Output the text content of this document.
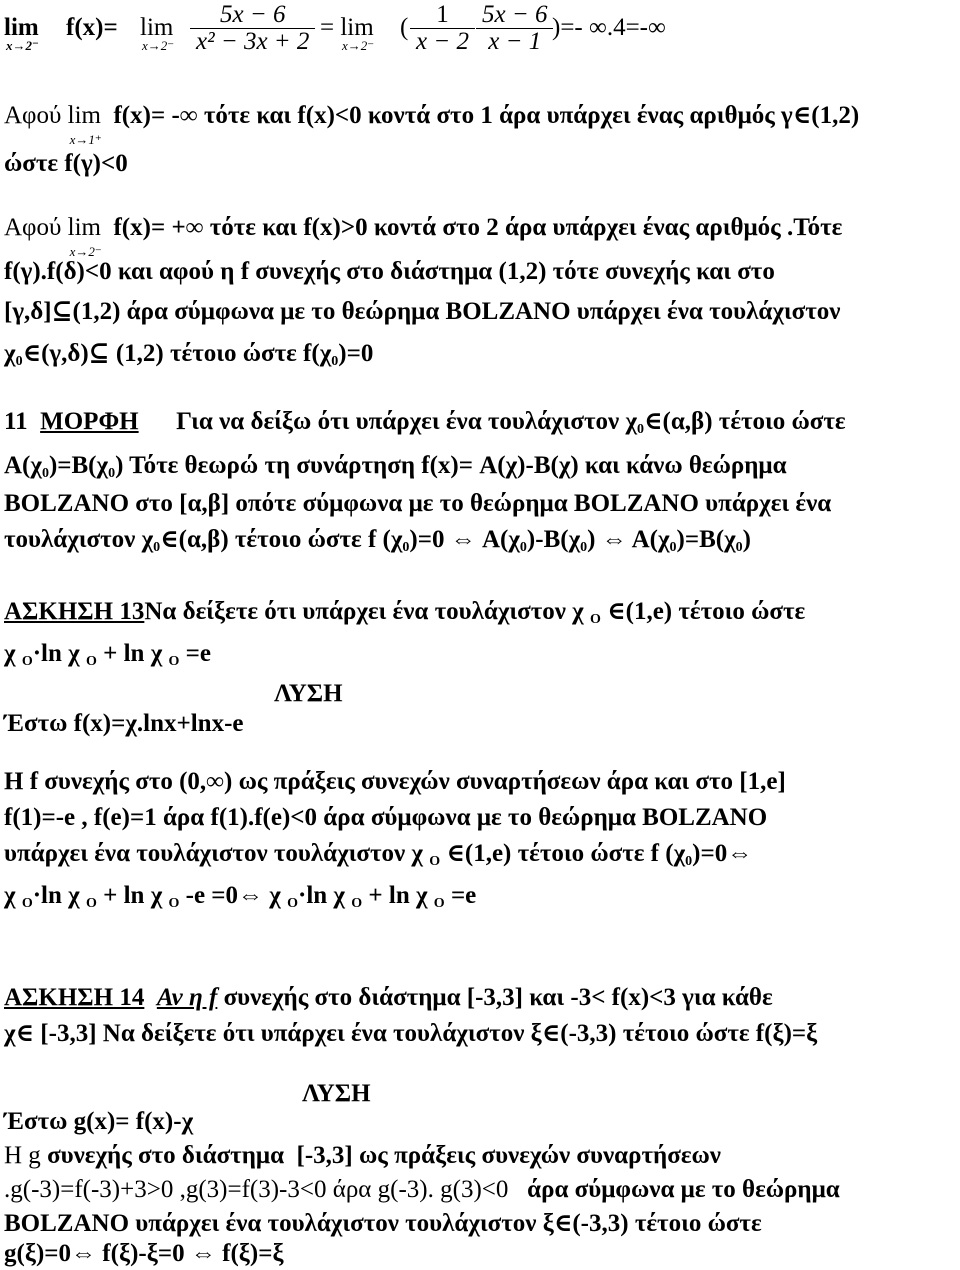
lim
x→2⁻
f(x)= lim
x→2⁻
5x − 6
x² − 3x + 2
= lim
x→2⁻
(	1
x − 2
5x − 6
x − 1
)=- ∞.4=-∞
Αφού lim
x→1⁺
f(x)= -∞ τότε και f(x)<0 κοντά στο 1 άρα υπάρχει ένας αριθμός γ∈(1,2)
ώστε f(γ)<0
Αφού lim
x→2⁻
f(x)= +∞ τότε και f(x)>0 κοντά στο 2 άρα υπάρχει ένας αριθμός .Τότε
f(γ).f(δ)<0 και αφού η f συνεχής στο διάστημα (1,2) τότε συνεχής και στο
[γ,δ]⊆(1,2) άρα σύμφωνα με το θεώρημα BOLZANO υπάρχει ένα τουλάχιστον
$\chi_0\in(\gamma,\delta)⊆$ (1,2) τέτοιο ώστε $f(\chi_0)=0$
11 ΜΟΡΦΗ Για να δείξω ότι υπάρχει ένα τουλάχιστον $\chi_0\in(\alpha,\beta)$ τέτοιο ώστε
$A(\chi_0)=B(\chi_0)$ Τότε θεωρώ τη συνάρτηση f(x)= Α(χ)-Β(χ) και κάνω θεώρημα
BOLZANO στο [α,β] οπότε σύμφωνα με το θεώρημα BOLZANO υπάρχει ένα
τουλάχιστον $\chi_0\in(\alpha,\beta)$ τέτοιο ώστε f $(\chi_0)=0$ ⇔ $A(\chi_0)-B(\chi_0)$ ⇔ $A(\chi_0)=B(\chi_0)$
ΑΣΚΗΣΗ 13Να δείξετε ότι υπάρχει ένα τουλάχιστον χ $_O$ ∈(1,e) τέτοιο ώστε
χ $_O$·ln χ $_O$ + ln χ $_O$ =e
ΛΥΣΗ
Έστω f(x)=χ.lnx+lnx-e
Η f συνεχής στο (0,∞) ως πράξεις συνεχών συναρτήσεων άρα και στο [1,e]
f(1)=-e , f(e)=1 άρα f(1).f(e)<0 άρα σύμφωνα με το θεώρημα BOLZANO
υπάρχει ένα τουλάχιστον τουλάχιστον χ $_O$ ∈(1,e) τέτοιο ώστε f $(\chi_0)=0\Leftrightarrow$
χ $_O$·ln χ $_O$ + ln χ $_O$ -e =0⇔ χ $_O$·ln χ $_O$ + ln χ $_O$ =e
ΑΣΚΗΣΗ 14 Αν η f συνεχής στο διάστημα [-3,3] και -3< f(x)<3 για κάθε
χ∈ [-3,3] Να δείξετε ότι υπάρχει ένα τουλάχιστον ξ∈(-3,3) τέτοιο ώστε f(ξ)=ξ
ΛΥΣΗ
Έστω g(x)= f(x)-χ
Η g συνεχής στο διάστημα [-3,3] ως πράξεις συνεχών συναρτήσεων
.g(-3)=f(-3)+3>0 ,g(3)=f(3)-3<0 άρα g(-3). g(3)<0 άρα σύμφωνα με το θεώρημα
BOLZANO υπάρχει ένα τουλάχιστον τουλάχιστον ξ∈(-3,3) τέτοιο ώστε
g(ξ)=0⇔ f(ξ)-ξ=0 ⇔ f(ξ)=ξ
